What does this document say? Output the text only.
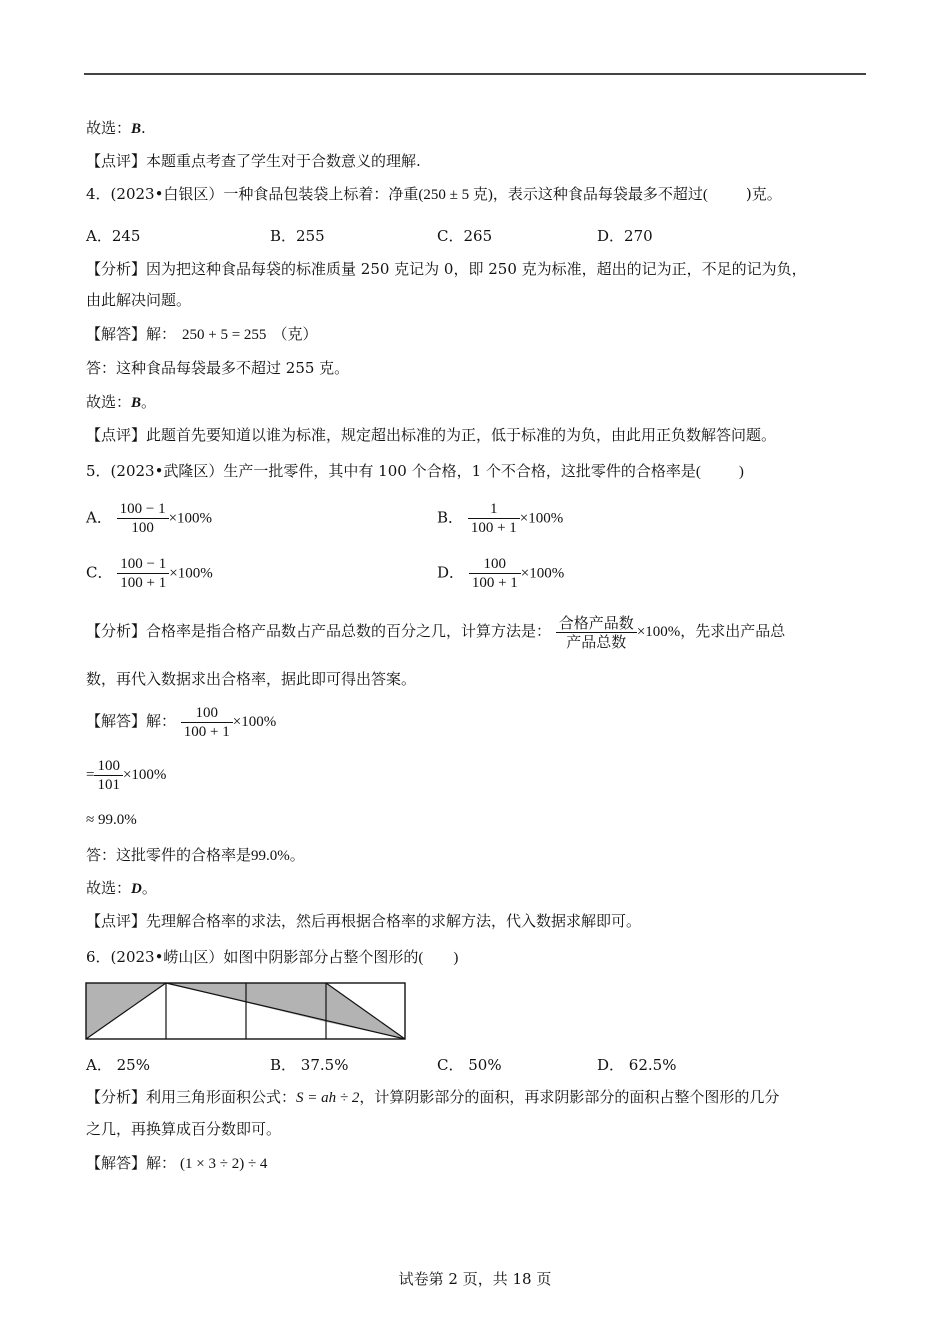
故选：B.
【点评】本题重点考查了学生对于合数意义的理解.
4．(2023•白银区）一种食品包装袋上标着：净重(250 ± 5 克)，表示这种食品每袋最多不超过(	)克。
A．245	B．255	C．265	D．270
【分析】因为把这种食品每袋的标准质量 250 克记为 0，即 250 克为标准，超出的记为正，不足的记为负，
由此解决问题。
【解答】解： 250 + 5 = 255 （克）
答：这种食品每袋最多不超过 255 克。
故选：B。
【点评】此题首先要知道以谁为标准，规定超出标准的为正，低于标准的为负，由此用正负数解答问题。
5．(2023•武隆区）生产一批零件，其中有 100 个合格，1 个不合格，这批零件的合格率是(	)
A． $\frac{100 - 1}{100} \times 100\%$	B． $\frac{1}{100 + 1} \times 100\%$
C． $\frac{100 - 1}{100 + 1} \times 100\%$	D． $\frac{100}{100 + 1} \times 100\%$
【分析】合格率是指合格产品数占产品总数的百分之几，计算方法是： $\frac{\text{合格产品数}}{\text{产品总数}} \times 100\%$，先求出产品总
数，再代入数据求出合格率，据此即可得出答案。
【解答】解： $\frac{100}{100 + 1} \times 100\%$
= $\frac{100}{101} \times 100\%$
≈ 99.0%
答：这批零件的合格率是99.0%。
故选：D。
【点评】先理解合格率的求法，然后再根据合格率的求解方法，代入数据求解即可。
6．(2023•崂山区）如图中阴影部分占整个图形的( )
A． 25%	B． 37.5%	C． 50%	D． 62.5%
【分析】利用三角形面积公式：S = ah ÷ 2，计算阴影部分的面积，再求阴影部分的面积占整个图形的几分
之几，再换算成百分数即可。
【解答】解： (1 × 3 ÷ 2) ÷ 4
试卷第 2 页，共 18 页
